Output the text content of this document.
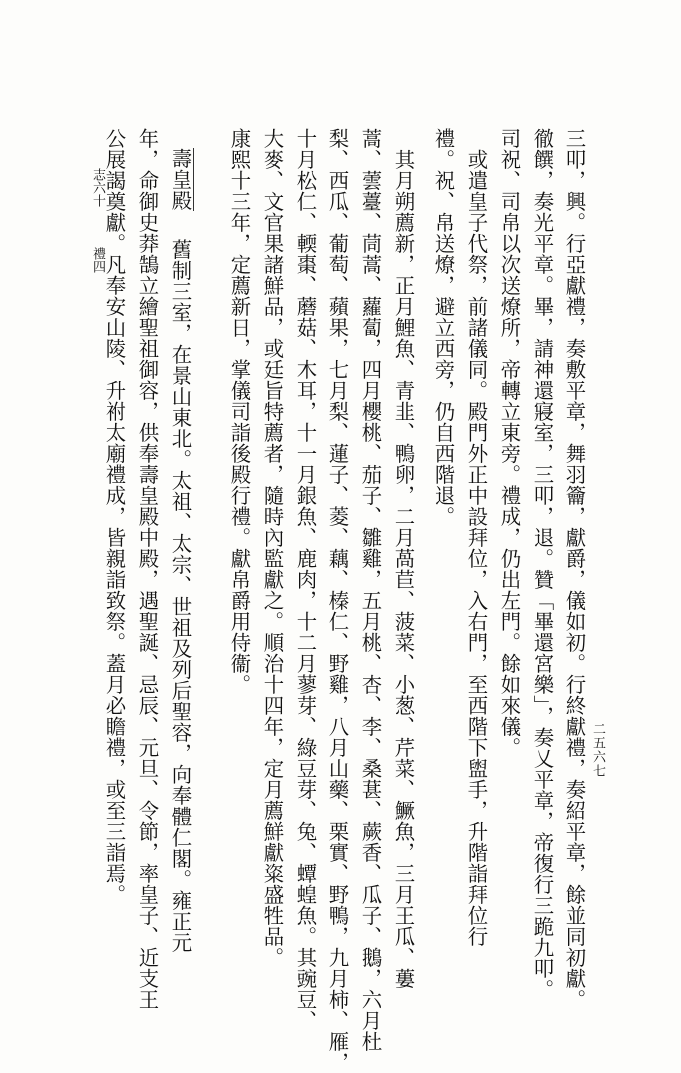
志六十禮四	三叩，興。行亞獻禮，奏敷平章，舞羽籥，獻爵，儀如初。行終獻禮，奏紹平章，餘並同初獻。
徹饌，奏光平章。畢，請神還寢室，三叩，退。贊「畢還宮樂」，奏乂平章，帝復行三跪九叩。
司祝、司帛以次送燎所，帝轉立東旁。禮成，仍出左門。餘如來儀。
　或遣皇子代祭，前諸儀同。殿門外正中設拜位，入右門，至西階下盥手，升階詣拜位行
禮。祝、帛送燎，避立西旁，仍自西階退。
　其月朔薦新，正月鯉魚、青韭、鴨卵，二月萵苣、菠菜、小葱、芹菜、鱖魚，三月王瓜、蔞
蒿、蕓薹、茼蒿、蘿蔔，四月櫻桃、茄子、雛雞，五月桃、杏、李、桑葚、蕨香、瓜子、鵝，六月杜
梨、西瓜、葡萄、蘋果，七月梨、蓮子、菱、藕、榛仁、野雞，八月山藥、栗實、野鴨，九月柿、雁，
十月松仁、輭棗、蘑菇、木耳，十一月銀魚、鹿肉，十二月蓼芽、綠豆芽、兔、蟫蝗魚。其豌豆、
大麥、文官果諸鮮品，或廷旨特薦者，隨時內監獻之。順治十四年，定月薦鮮獻粢盛牲品。
康熙十三年，定薦新日，掌儀司詣後殿行禮。獻帛爵用侍衞。
壽皇殿舊制三室，在景山東北。太祖、太宗、世祖及列后聖容，向奉體仁閣。雍正元
年，命御史莽鵠立繪聖祖御容，供奉壽皇殿中殿，遇聖誕、忌辰、元旦、令節，率皇子、近支王
公展謁奠獻。凡奉安山陵、升祔太廟禮成，皆親詣致祭。蓋月必瞻禮，或至三詣焉。	二五六七
